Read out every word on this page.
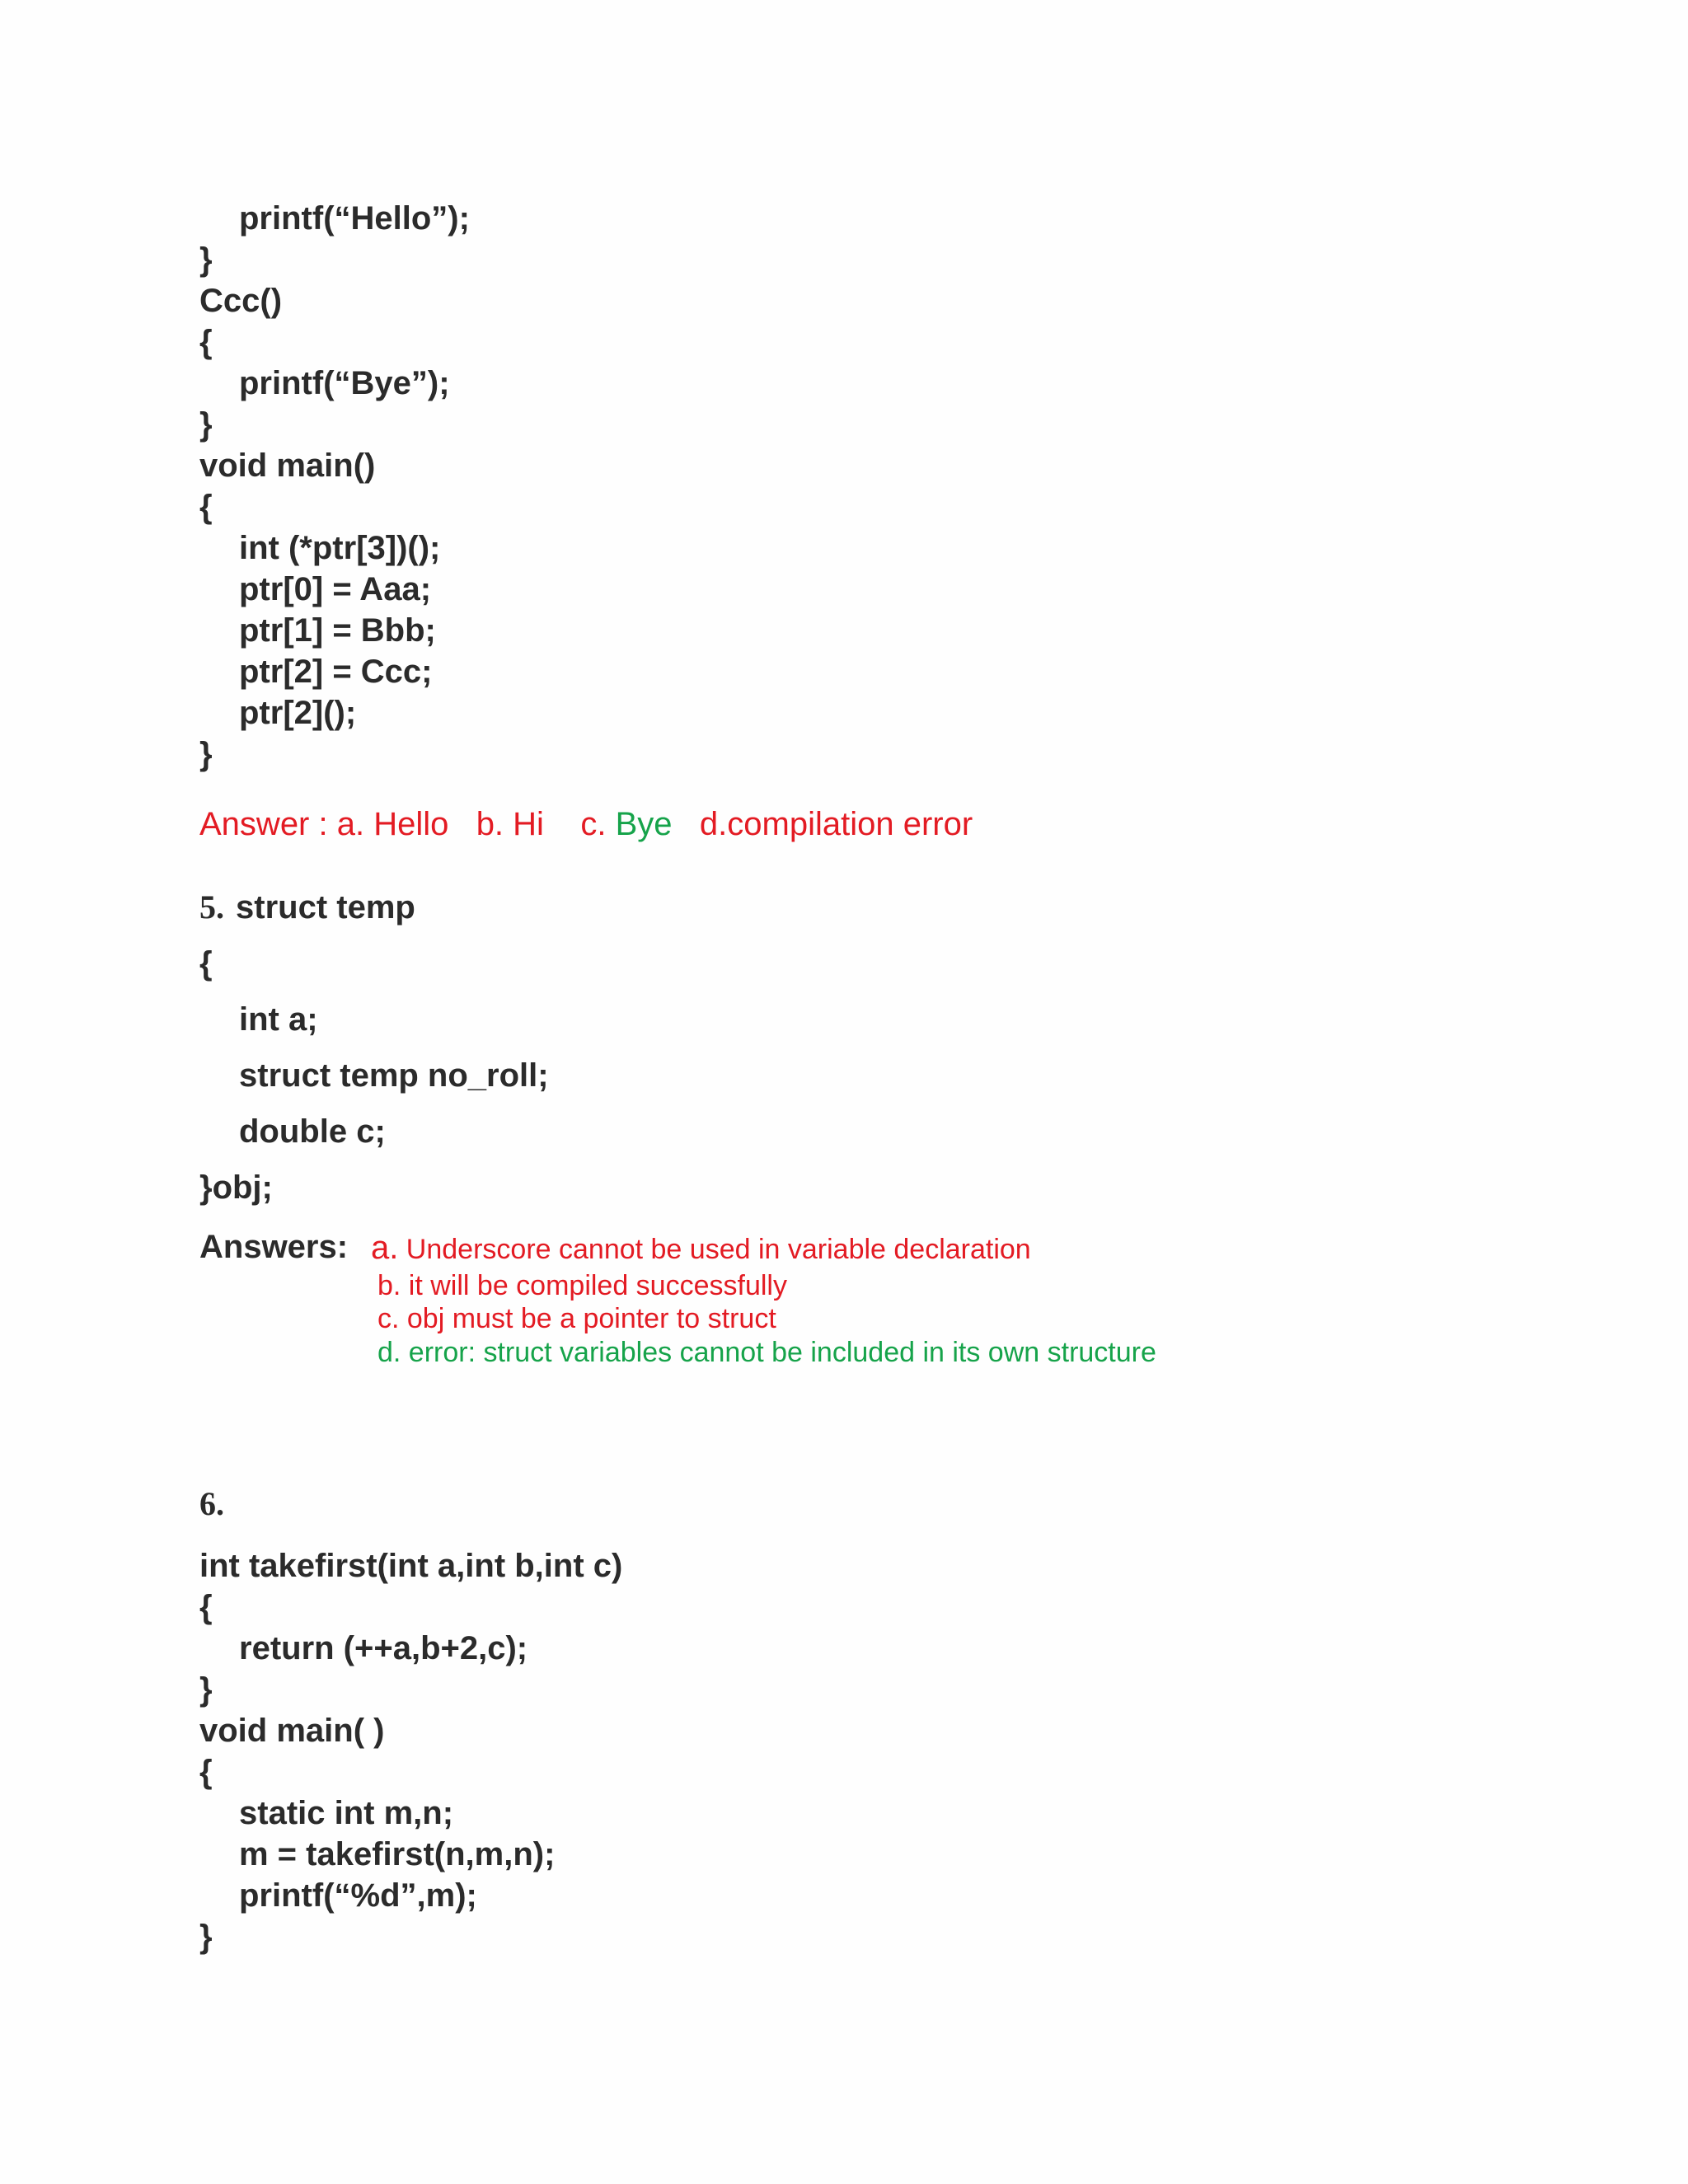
printf(“Hello”);
}
Ccc()
{
printf(“Bye”);
}
void main()
{
int (*ptr[3])();
ptr[0] = Aaa;
ptr[1] = Bbb;
ptr[2] = Ccc;
ptr[2]();
}
Answer : a. Hello b. Hi c. Bye d.compilation error
5. struct temp
{
int a;
struct temp no_roll;
double c;
}obj;
Answers: a. Underscore cannot be used in variable declaration
b. it will be compiled successfully
c. obj must be a pointer to struct
d. error: struct variables cannot be included in its own structure
6.
int takefirst(int a,int b,int c)
{
return (++a,b+2,c);
}
void main( )
{
static int m,n;
m = takefirst(n,m,n);
printf(“%d”,m);
}
